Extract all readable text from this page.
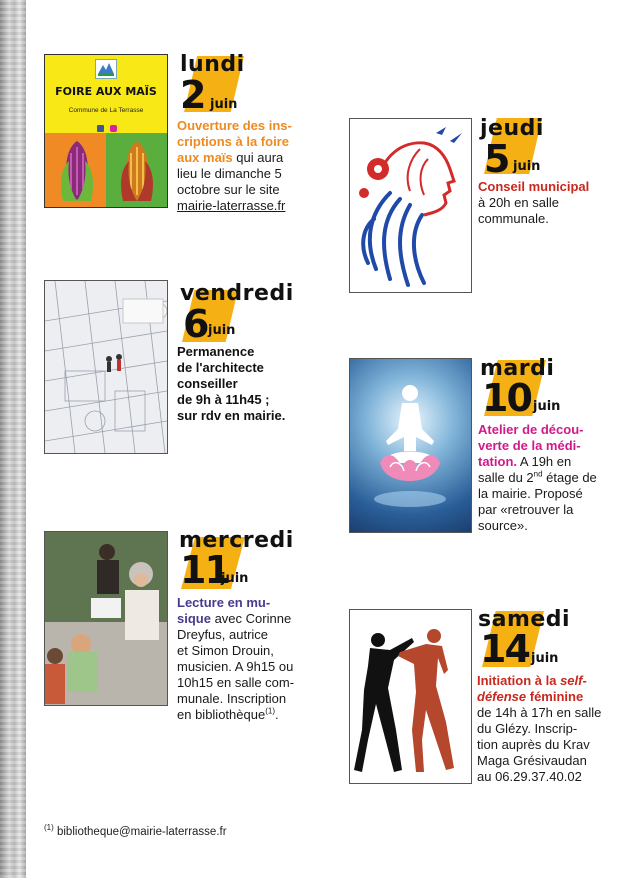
FOIRE AUX MAÏS
Commune de La Terrasse

lundi
2 juin
Ouverture des ins-
criptions à la foire
aux maïs qui aura
lieu le dimanche 5
octobre sur le site
mairie-laterrasse.fr
jeudi
5 juin
Conseil municipal
à 20h en salle
communale.
vendredi
6 juin
Permanence
de l'architecte
conseiller
de 9h à 11h45 ;
sur rdv en mairie.
mardi
10 juin
Atelier de décou-
verte de la médi-
tation. A 19h en
salle du 2nd étage de
la mairie. Proposé
par «retrouver la
source».
mercredi
11
juin
Lecture en mu-
sique avec Corinne
Dreyfus, autrice
et Simon Drouin,
musicien. A 9h15 ou
10h15 en salle com-
munale. Inscription
en bibliothèque$^{(1)}$.
samedi
14 juin
Initiation à la self-
défense féminine
de 14h à 17h en salle
du Glézy. Inscrip-
tion auprès du Krav
Maga Grésivaudan
au 06.29.37.40.02
$^{(1)}$ bibliotheque@mairie-laterrasse.fr
